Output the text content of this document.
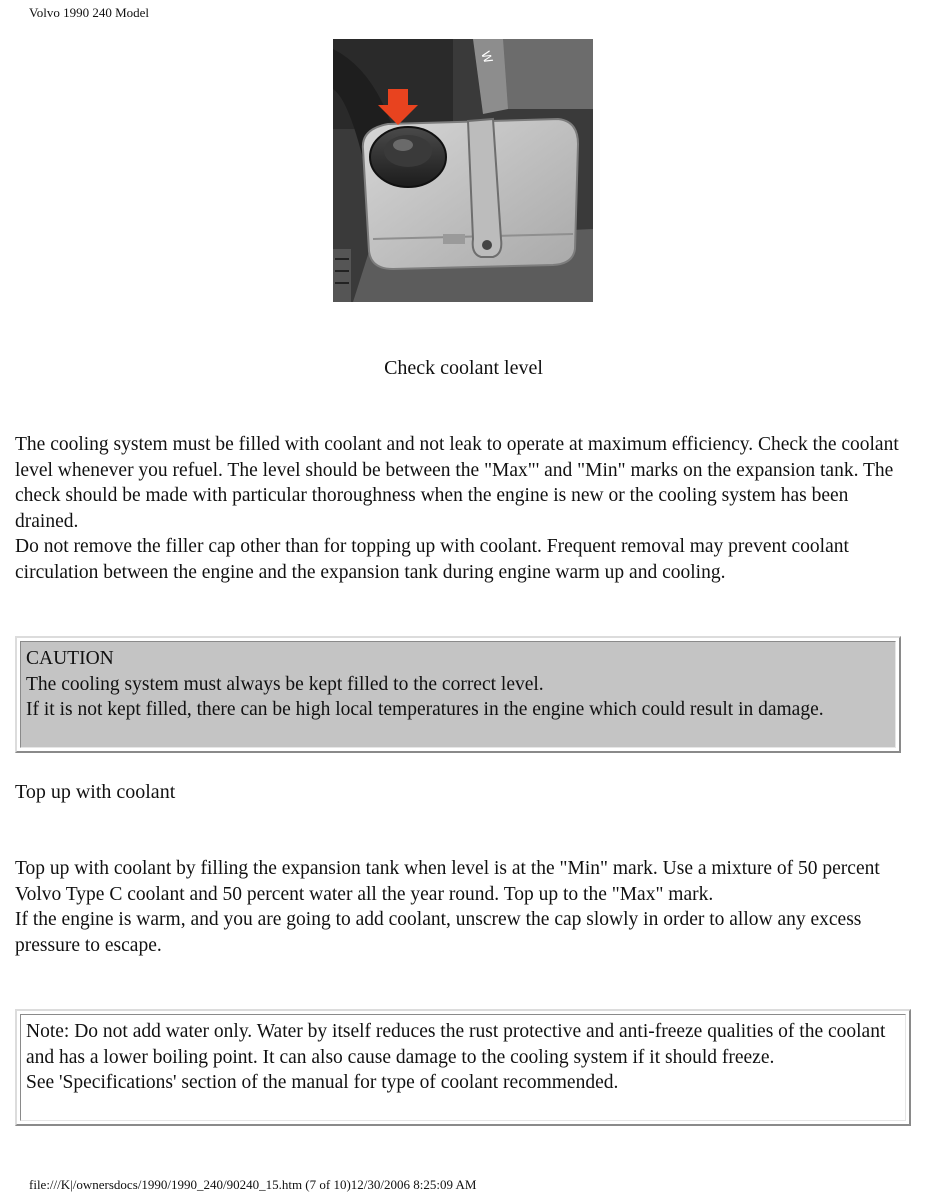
Volvo 1990 240 Model
W
Check coolant level

The cooling system must be filled with coolant and not leak to operate at maximum efficiency. Check the coolant level whenever you refuel. The level should be between the "Max"' and "Min" marks on the expansion tank. The check should be made with particular thoroughness when the engine is new or the cooling system has been drained.

Do not remove the filler cap other than for topping up with coolant. Frequent removal may prevent coolant circulation between the engine and the expansion tank during engine warm up and cooling.

CAUTION

The cooling system must always be kept filled to the correct level.

If it is not kept filled, there can be high local temperatures in the engine which could result in damage.

Top up with coolant

Top up with coolant by filling the expansion tank when level is at the "Min" mark. Use a mixture of 50 percent Volvo Type C coolant and 50 percent water all the year round. Top up to the "Max" mark.

If the engine is warm, and you are going to add coolant, unscrew the cap slowly in order to allow any excess pressure to escape.

Note: Do not add water only. Water by itself reduces the rust protective and anti-freeze qualities of the coolant and has a lower boiling point. It can also cause damage to the cooling system if it should freeze.

See 'Specifications' section of the manual for type of coolant recommended.

file:///K|/ownersdocs/1990/1990_240/90240_15.htm (7 of 10)12/30/2006 8:25:09 AM
